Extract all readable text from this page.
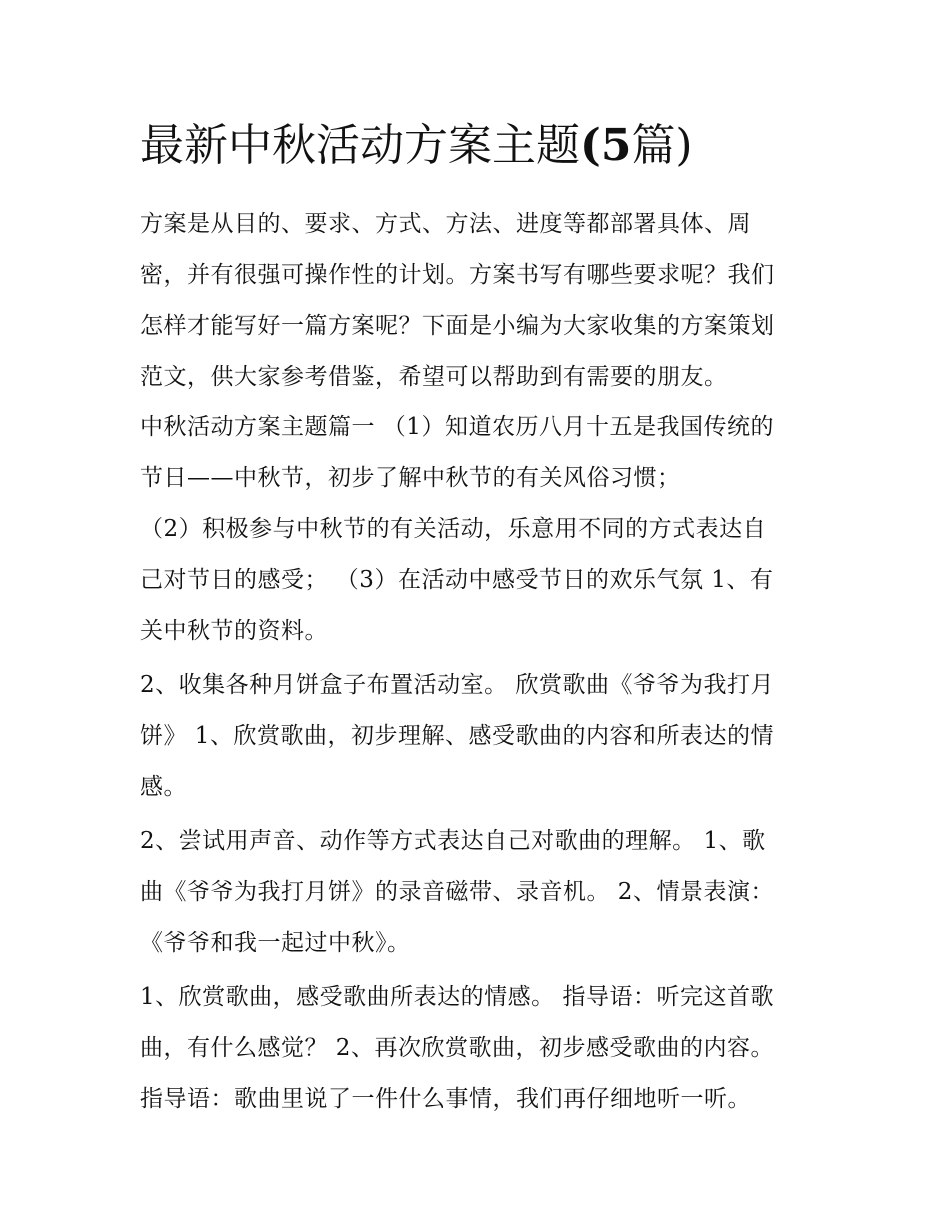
最新中秋活动方案主题(5篇)
方案是从目的、要求、方式、方法、进度等都部署具体、周
密，并有很强可操作性的计划。方案书写有哪些要求呢？我们
怎样才能写好一篇方案呢？下面是小编为大家收集的方案策划
范文，供大家参考借鉴，希望可以帮助到有需要的朋友。
中秋活动方案主题篇一 （1）知道农历八月十五是我国传统的
节日——中秋节，初步了解中秋节的有关风俗习惯；
（2）积极参与中秋节的有关活动，乐意用不同的方式表达自
己对节日的感受； （3）在活动中感受节日的欢乐气氛 1、有
关中秋节的资料。
2、收集各种月饼盒子布置活动室。 欣赏歌曲《爷爷为我打月
饼》 1、欣赏歌曲，初步理解、感受歌曲的内容和所表达的情
感。
2、尝试用声音、动作等方式表达自己对歌曲的理解。 1、歌
曲《爷爷为我打月饼》的录音磁带、录音机。 2、情景表演：
《爷爷和我一起过中秋》。
1、欣赏歌曲，感受歌曲所表达的情感。 指导语：听完这首歌
曲，有什么感觉？ 2、再次欣赏歌曲，初步感受歌曲的内容。
指导语：歌曲里说了一件什么事情，我们再仔细地听一听。
